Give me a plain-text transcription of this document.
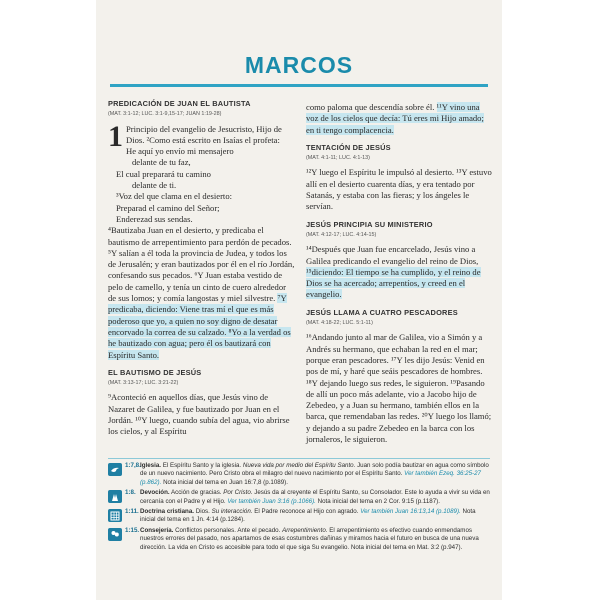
MARCOS

PREDICACIÓN DE JUAN EL BAUTISTA

(MAT. 3:1-12; LUC. 3:1-9,15-17; JUAN 1:19-28)

1 Principio del evangelio de Jesucristo, Hijo de Dios. ²Como está escrito en Isaías el profeta:

He aquí yo envío mi mensajero

delante de tu faz,

El cual preparará tu camino

delante de ti.

³Voz del que clama en el desierto:

Preparad el camino del Señor;

Enderezad sus sendas.

⁴Bautizaba Juan en el desierto, y predicaba el bautismo de arrepentimiento para perdón de pecados. ⁵Y salían a él toda la provincia de Judea, y todos los de Jerusalén; y eran bautizados por él en el río Jordán, confesando sus pecados. ⁶Y Juan estaba vestido de pelo de camello, y tenía un cinto de cuero alrededor de sus lomos; y comía langostas y miel silvestre. ⁷Y predicaba, diciendo: Viene tras mí el que es más poderoso que yo, a quien no soy digno de desatar encorvado la correa de su calzado. ⁸Yo a la verdad os he bautizado con agua; pero él os bautizará con Espíritu Santo.

EL BAUTISMO DE JESÚS

(MAT. 3:13-17; LUC. 3:21-22)

⁹Aconteció en aquellos días, que Jesús vino de Nazaret de Galilea, y fue bautizado por Juan en el Jordán. ¹⁰Y luego, cuando subía del agua, vio abrirse los cielos, y al Espíritu

como paloma que descendía sobre él. ¹¹Y vino una voz de los cielos que decía: Tú eres mi Hijo amado; en ti tengo complacencia.

TENTACIÓN DE JESÚS

(MAT. 4:1-11; LUC. 4:1-13)

¹²Y luego el Espíritu le impulsó al desierto. ¹³Y estuvo allí en el desierto cuarenta días, y era tentado por Satanás, y estaba con las fieras; y los ángeles le servían.

JESÚS PRINCIPIA SU MINISTERIO

(MAT. 4:12-17; LUC. 4:14-15)

¹⁴Después que Juan fue encarcelado, Jesús vino a Galilea predicando el evangelio del reino de Dios, ¹⁵diciendo: El tiempo se ha cumplido, y el reino de Dios se ha acercado; arrepentíos, y creed en el evangelio.

JESÚS LLAMA A CUATRO PESCADORES

(MAT. 4:18-22; LUC. 5:1-11)

¹⁶Andando junto al mar de Galilea, vio a Simón y a Andrés su hermano, que echaban la red en el mar; porque eran pescadores. ¹⁷Y les dijo Jesús: Venid en pos de mí, y haré que seáis pescadores de hombres. ¹⁸Y dejando luego sus redes, le siguieron. ¹⁹Pasando de allí un poco más adelante, vio a Jacobo hijo de Zebedeo, y a Juan su hermano, también ellos en la barca, que remendaban las redes. ²⁰Y luego los llamó; y dejando a su padre Zebedeo en la barca con los jornaleros, le siguieron.

1:7,8. Iglesia. El Espíritu Santo y la iglesia. Nueva vida por medio del Espíritu Santo. Juan solo podía bautizar en agua como símbolo de un nuevo nacimiento. Pero Cristo obra el milagro del nuevo nacimiento por el Espíritu Santo. Ver también Ezeq. 36:25-27 (p.862). Nota inicial del tema en Juan 16:7,8 (p.1089).
1:8. Devoción. Acción de gracias. Por Cristo. Jesús da al creyente el Espíritu Santo, su Consolador. Este lo ayuda a vivir su vida en cercanía con el Padre y el Hijo. Ver también Juan 3:16 (p.1066). Nota inicial del tema en 2 Cor. 9:15 (p.1187).
1:11. Doctrina cristiana. Dios. Su interacción. El Padre reconoce al Hijo con agrado. Ver también Juan 16:13,14 (p.1089). Nota inicial del tema en 1 Jn. 4:14 (p.1284).
1:15. Consejería. Conflictos personales. Ante el pecado. Arrepentimiento. El arrepentimiento es efectivo cuando enmendamos nuestros errores del pasado, nos apartamos de esas costumbres dañinas y miramos hacia el futuro en busca de una nueva dirección. La vida en Cristo es accesible para todo el que siga Su evangelio. Nota inicial del tema en Mat. 3:2 (p.947).
